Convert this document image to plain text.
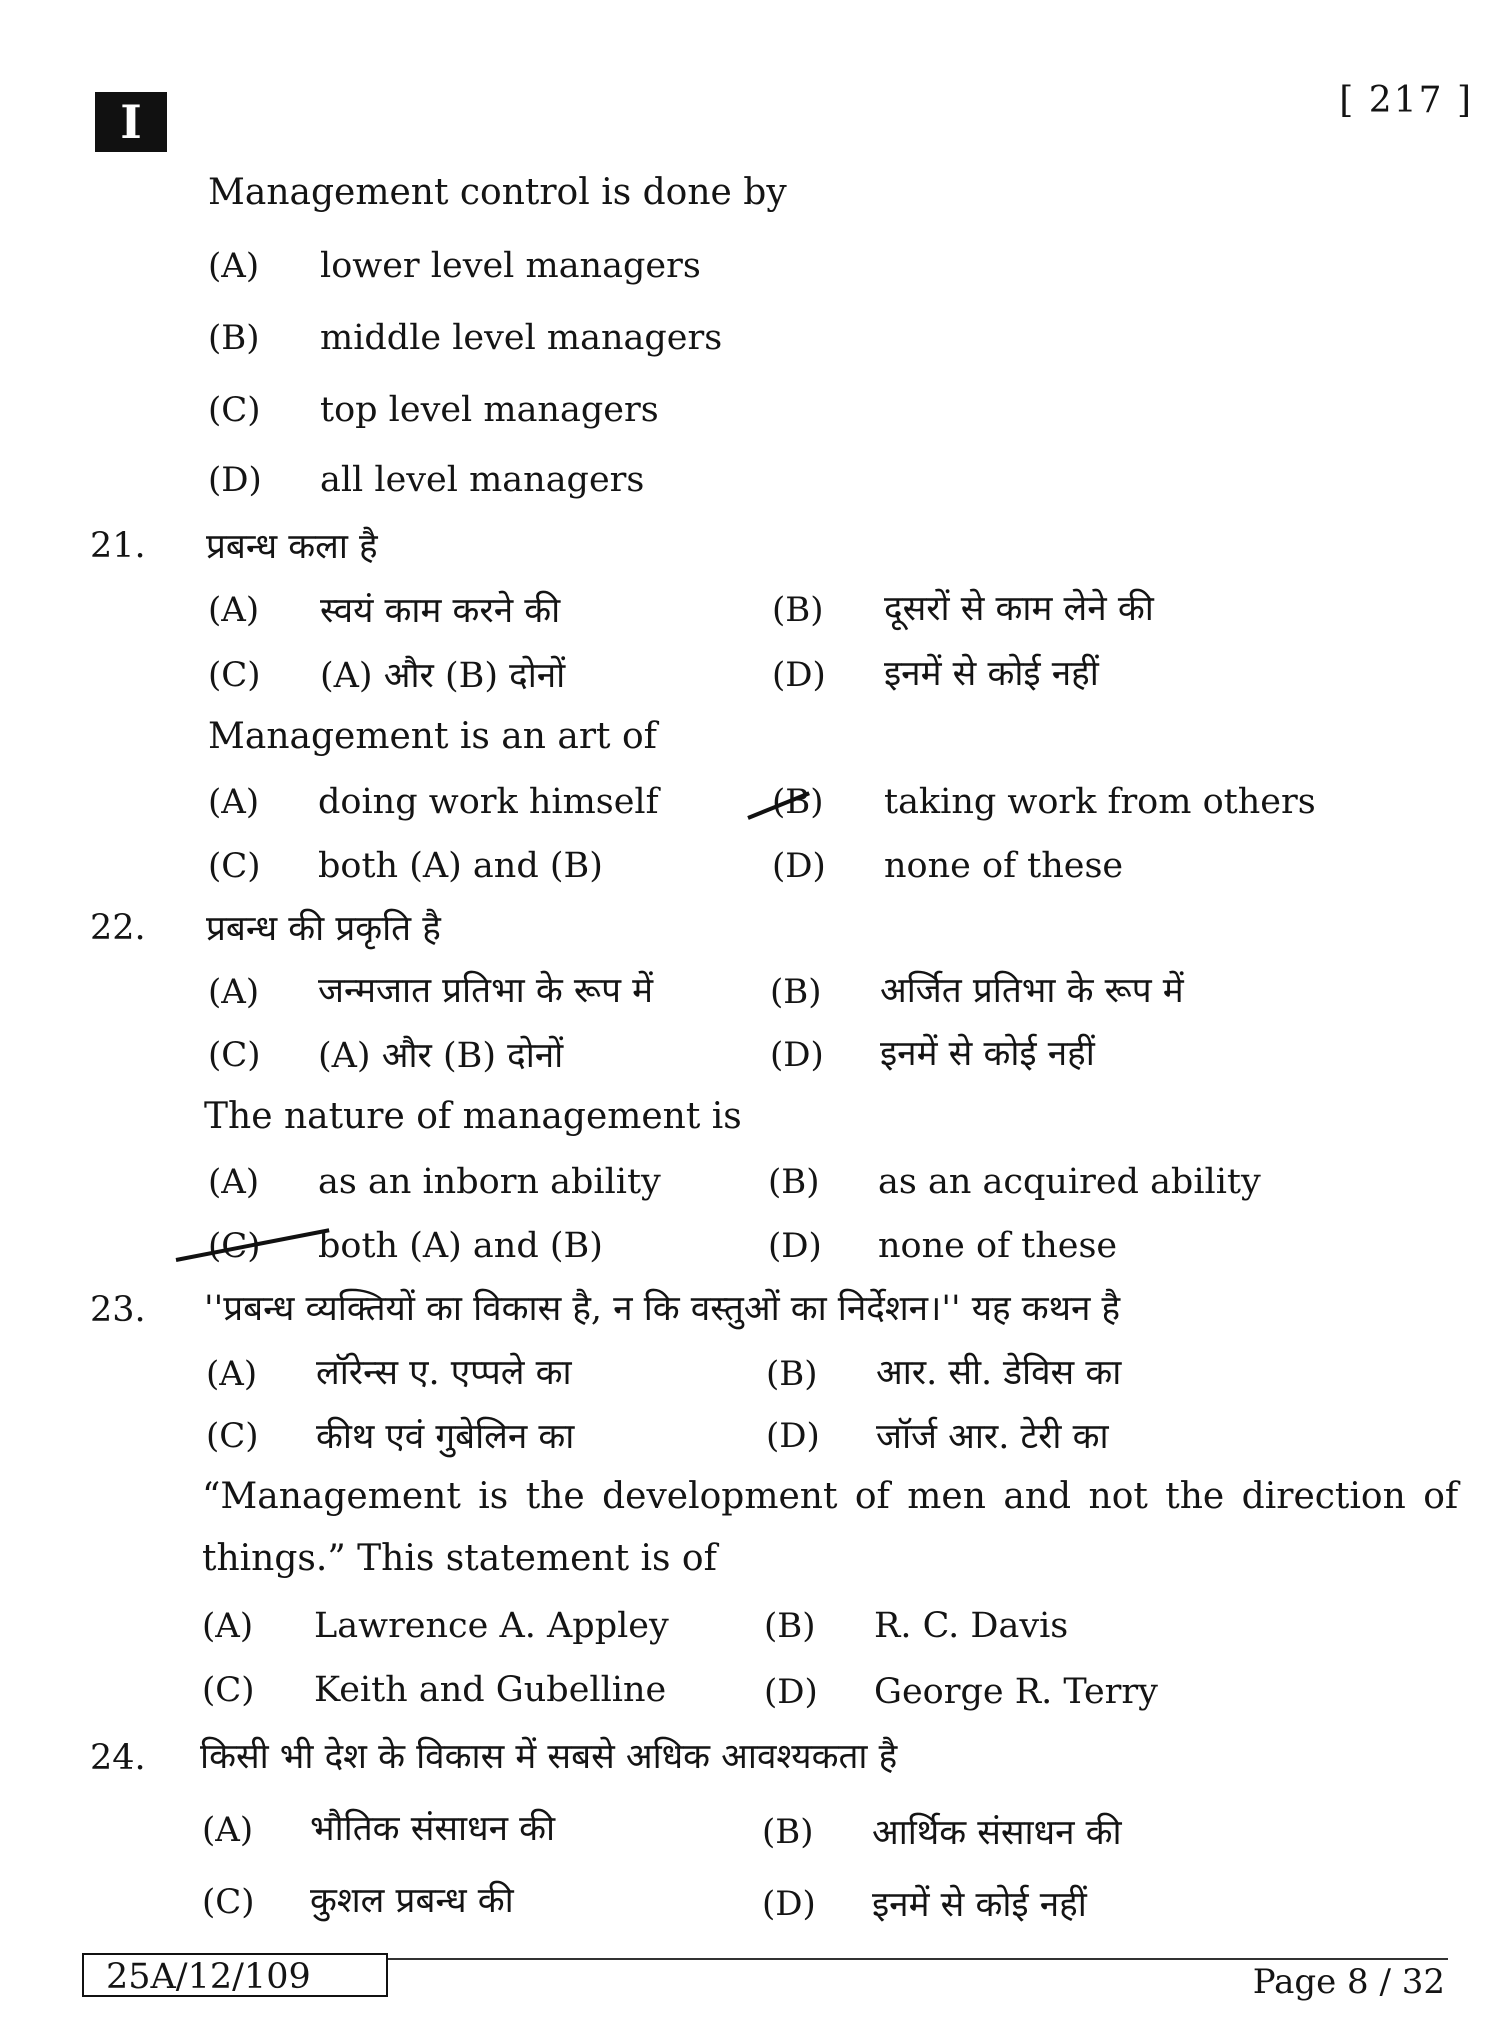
I	[ 217 ]
Management control is done by
(A) lower level managers
(B) middle level managers
(C) top level managers
(D) all level managers
21. प्रबन्ध कला है
(A) स्वयं काम करने की	(B) दूसरों से काम लेने की
(C) (A) और (B) दोनों	(D) इनमें से कोई नहीं
Management is an art of
(A) doing work himself	(B) taking work from others
(C) both (A) and (B)	(D) none of these
22. प्रबन्ध की प्रकृति है
(A) जन्मजात प्रतिभा के रूप में	(B) अर्जित प्रतिभा के रूप में
(C) (A) और (B) दोनों	(D) इनमें से कोई नहीं
The nature of management is
(A) as an inborn ability	(B) as an acquired ability
(C) both (A) and (B)	(D) none of these
23. ''प्रबन्ध व्यक्तियों का विकास है, न कि वस्तुओं का निर्देशन।'' यह कथन है
(A) लॉरेन्स ए. एप्पले का	(B) आर. सी. डेविस का
(C) कीथ एवं गुबेलिन का	(D) जॉर्ज आर. टेरी का
“Management is the development of men and not the direction of
things.” This statement is of
(A) Lawrence A. Appley	(B) R. C. Davis
(C) Keith and Gubelline	(D) George R. Terry
24. किसी भी देश के विकास में सबसे अधिक आवश्यकता है
(A) भौतिक संसाधन की	(B) आर्थिक संसाधन की
(C) कुशल प्रबन्ध की	(D) इनमें से कोई नहीं
25A/12/109	Page 8 / 32
